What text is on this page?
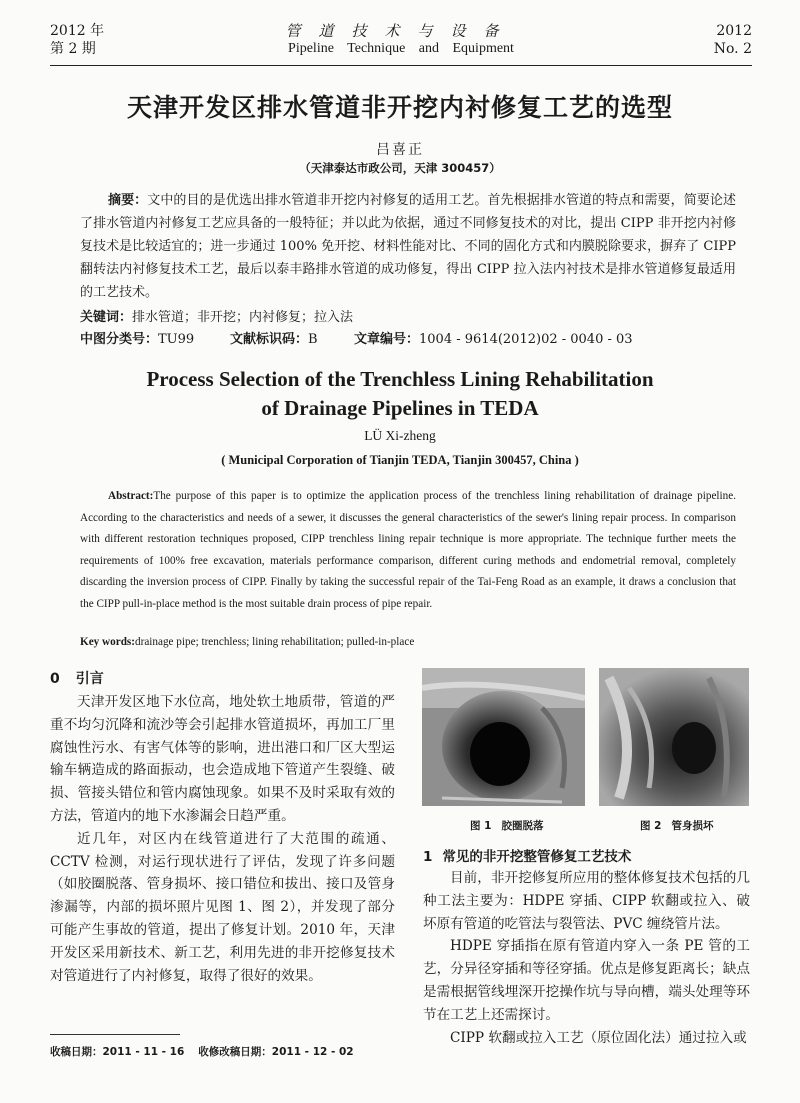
2012 年
第 2 期
管道技术与设备
Pipeline Technique and Equipment
2012
No. 2
天津开发区排水管道非开挖内衬修复工艺的选型
吕喜正
（天津泰达市政公司，天津 300457）

摘要：文中的目的是优选出排水管道非开挖内衬修复的适用工艺。首先根据排水管道的特点和需要，简要论述了排水管道内衬修复工艺应具备的一般特征；并以此为依据，通过不同修复技术的对比，提出 CIPP 非开挖内衬修复技术是比较适宜的；进一步通过 100% 免开挖、材料性能对比、不同的固化方式和内膜脱除要求，摒弃了 CIPP 翻转法内衬修复技术工艺，最后以泰丰路排水管道的成功修复，得出 CIPP 拉入法内衬技术是排水管道修复最适用的工艺技术。

关键词：排水管道；非开挖；内衬修复；拉入法
中图分类号：TU99	文献标识码：B	文章编号：1004 - 9614(2012)02 - 0040 - 03
Process Selection of the Trenchless Lining Rehabilitation
of Drainage Pipelines in TEDA
LÜ Xi-zheng
( Municipal Corporation of Tianjin TEDA, Tianjin 300457, China )

Abstract:The purpose of this paper is to optimize the application process of the trenchless lining rehabilitation of drainage pipeline. According to the characteristics and needs of a sewer, it discusses the general characteristics of the sewer's lining repair process. In comparison with different restoration techniques proposed, CIPP trenchless lining repair technique is more appropriate. The technique further meets the requirements of 100% free excavation, materials performance comparison, different curing methods and endometrial removal, completely discarding the inversion process of CIPP. Finally by taking the successful repair of the Tai-Feng Road as an example, it draws a conclusion that the CIPP pull-in-place method is the most suitable drain process of pipe repair.

Key words:drainage pipe; trenchless; lining rehabilitation; pulled-in-place
0 引言

天津开发区地下水位高，地处软土地质带，管道的严重不均匀沉降和流沙等会引起排水管道损坏，再加工厂里腐蚀性污水、有害气体等的影响，进出港口和厂区大型运输车辆造成的路面振动，也会造成地下管道产生裂缝、破损、管接头错位和管内腐蚀现象。如果不及时采取有效的方法，管道内的地下水渗漏会日趋严重。

近几年，对区内在线管道进行了大范围的疏通、CCTV 检测，对运行现状进行了评估，发现了许多问题（如胶圈脱落、管身损坏、接口错位和拔出、接口及管身渗漏等，内部的损坏照片见图 1、图 2），并发现了部分可能产生事故的管道，提出了修复计划。2010 年，天津开发区采用新技术、新工艺，利用先进的非开挖修复技术对管道进行了内衬修复，取得了很好的效果。

收稿日期：2011 - 11 - 16 收修改稿日期：2011 - 12 - 02
图 1 胶圈脱落	图 2 管身损坏
1 常见的非开挖整管修复工艺技术

目前，非开挖修复所应用的整体修复技术包括的几种工法主要为：HDPE 穿插、CIPP 软翻或拉入、破坏原有管道的吃管法与裂管法、PVC 缠绕管片法。

HDPE 穿插指在原有管道内穿入一条 PE 管的工艺，分异径穿插和等径穿插。优点是修复距离长；缺点是需根据管线埋深开挖操作坑与导向槽，端头处理等环节在工艺上还需探讨。

CIPP 软翻或拉入工艺（原位固化法）通过拉入或
